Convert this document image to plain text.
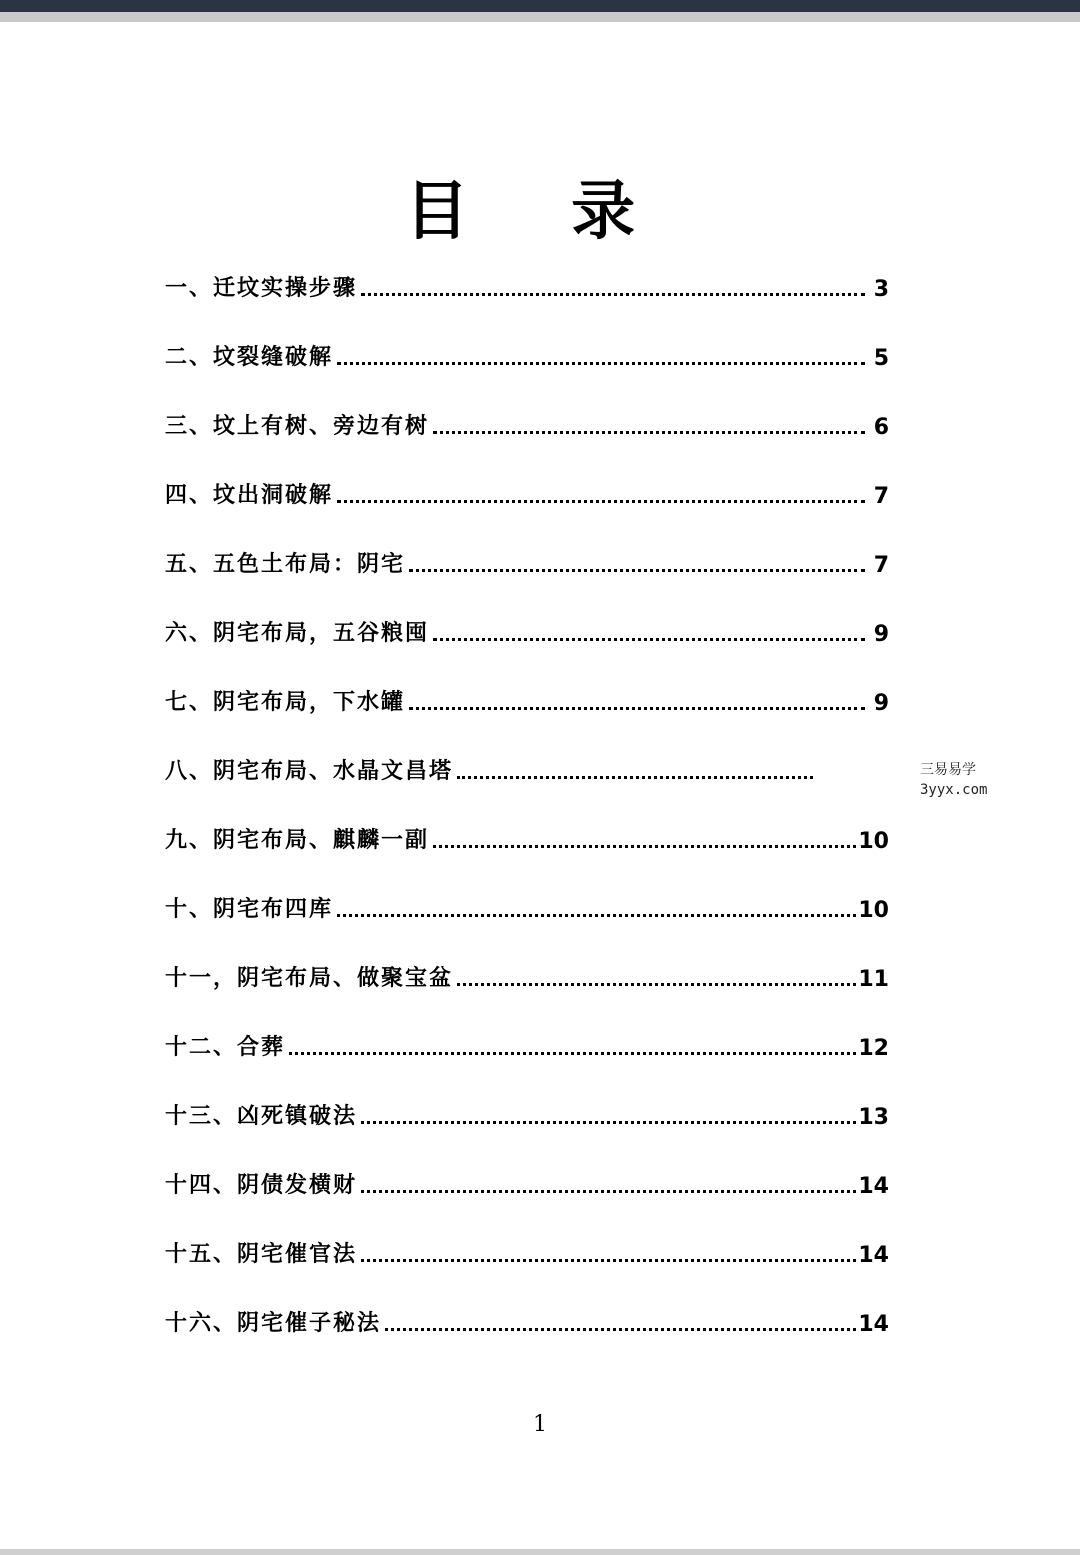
目 录
一、迁坟实操步骤	3
二、坟裂缝破解	5
三、坟上有树、旁边有树	6
四、坟出洞破解	7
五、五色土布局：阴宅	7
六、阴宅布局，五谷粮囤	9
七、阴宅布局，下水罐	9
八、阴宅布局、水晶文昌塔
九、阴宅布局、麒麟一副	10
十、阴宅布四库	10
十一，阴宅布局、做聚宝盆	11
十二、合葬	12
十三、凶死镇破法	13
十四、阴债发横财	14
十五、阴宅催官法	14
十六、阴宅催子秘法	14
三易易学
3yyx.com
1
